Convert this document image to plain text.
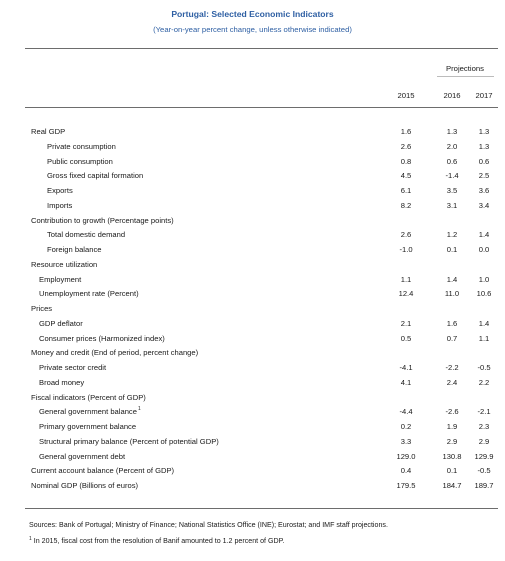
Portugal: Selected Economic Indicators
(Year-on-year percent change, unless otherwise indicated)
Projections
2015	2016	2017
Real GDP	1.6	1.3	1.3
Private consumption	2.6	2.0	1.3
Public consumption	0.8	0.6	0.6
Gross fixed capital formation	4.5	-1.4	2.5
Exports	6.1	3.5	3.6
Imports	8.2	3.1	3.4
Contribution to growth (Percentage points)
Total domestic demand	2.6	1.2	1.4
Foreign balance	-1.0	0.1	0.0
Resource utilization
Employment	1.1	1.4	1.0
Unemployment rate (Percent)	12.4	11.0	10.6
Prices
GDP deflator	2.1	1.6	1.4
Consumer prices (Harmonized index)	0.5	0.7	1.1
Money and credit (End of period, percent change)
Private sector credit	-4.1	-2.2	-0.5
Broad money	4.1	2.4	2.2
Fiscal indicators (Percent of GDP)
General government balance 1	-4.4	-2.6	-2.1
Primary government balance	0.2	1.9	2.3
Structural primary balance (Percent of potential GDP)	3.3	2.9	2.9
General government debt	129.0	130.8	129.9
Current account balance (Percent of GDP)	0.4	0.1	-0.5
Nominal GDP (Billions of euros)	179.5	184.7	189.7
Sources: Bank of Portugal; Ministry of Finance; National Statistics Office (INE); Eurostat; and IMF staff projections.
$^1$ In 2015, fiscal cost from the resolution of Banif amounted to 1.2 percent of GDP.
